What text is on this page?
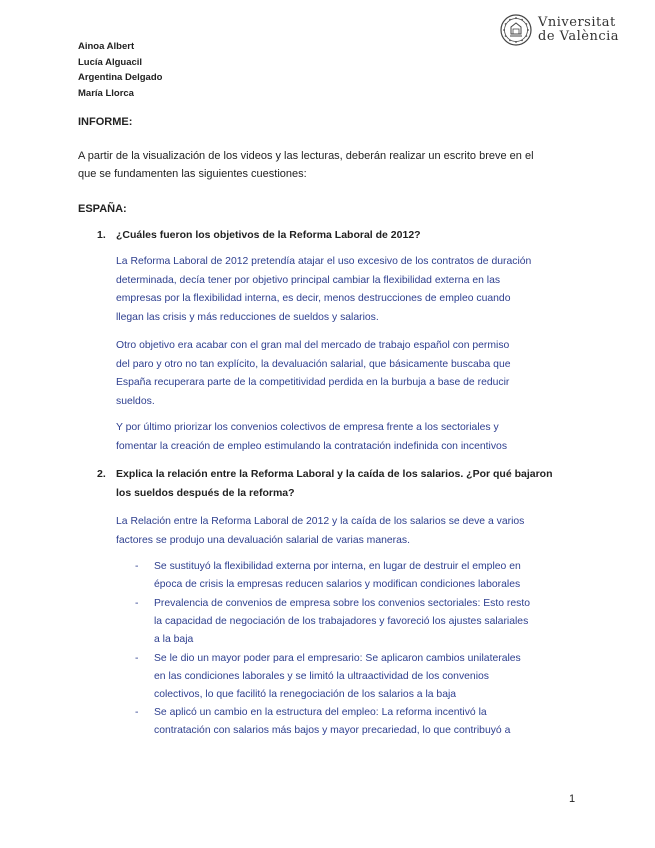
Vniversitat
de València
Ainoa Albert
Lucía Alguacil
Argentina Delgado
María Llorca
INFORME:
A partir de la visualización de los videos y las lecturas, deberán realizar un escrito breve en el
que se fundamenten las siguientes cuestiones:
ESPAÑA:
1. ¿Cuáles fueron los objetivos de la Reforma Laboral de 2012?
La Reforma Laboral de 2012 pretendía atajar el uso excesivo de los contratos de duración
determinada, decía tener por objetivo principal cambiar la flexibilidad externa en las
empresas por la flexibilidad interna, es decir, menos destrucciones de empleo cuando
llegan las crisis y más reducciones de sueldos y salarios.
Otro objetivo era acabar con el gran mal del mercado de trabajo español con permiso
del paro y otro no tan explícito, la devaluación salarial, que básicamente buscaba que
España recuperara parte de la competitividad perdida en la burbuja a base de reducir
sueldos.
Y por último priorizar los convenios colectivos de empresa frente a los sectoriales y
fomentar la creación de empleo estimulando la contratación indefinida con incentivos
2. Explica la relación entre la Reforma Laboral y la caída de los salarios. ¿Por qué bajaron
los sueldos después de la reforma?
La Relación entre la Reforma Laboral de 2012 y la caída de los salarios se deve a varios
factores se produjo una devaluación salarial de varias maneras.
- Se sustituyó la flexibilidad externa por interna, en lugar de destruir el empleo en
época de crisis la empresas reducen salarios y modifican condiciones laborales
- Prevalencia de convenios de empresa sobre los convenios sectoriales: Esto resto
la capacidad de negociación de los trabajadores y favoreció los ajustes salariales
a la baja
- Se le dio un mayor poder para el empresario: Se aplicaron cambios unilaterales
en las condiciones laborales y se limitó la ultraactividad de los convenios
colectivos, lo que facilitó la renegociación de los salarios a la baja
- Se aplicó un cambio en la estructura del empleo: La reforma incentivó la
contratación con salarios más bajos y mayor precariedad, lo que contribuyó a
1
